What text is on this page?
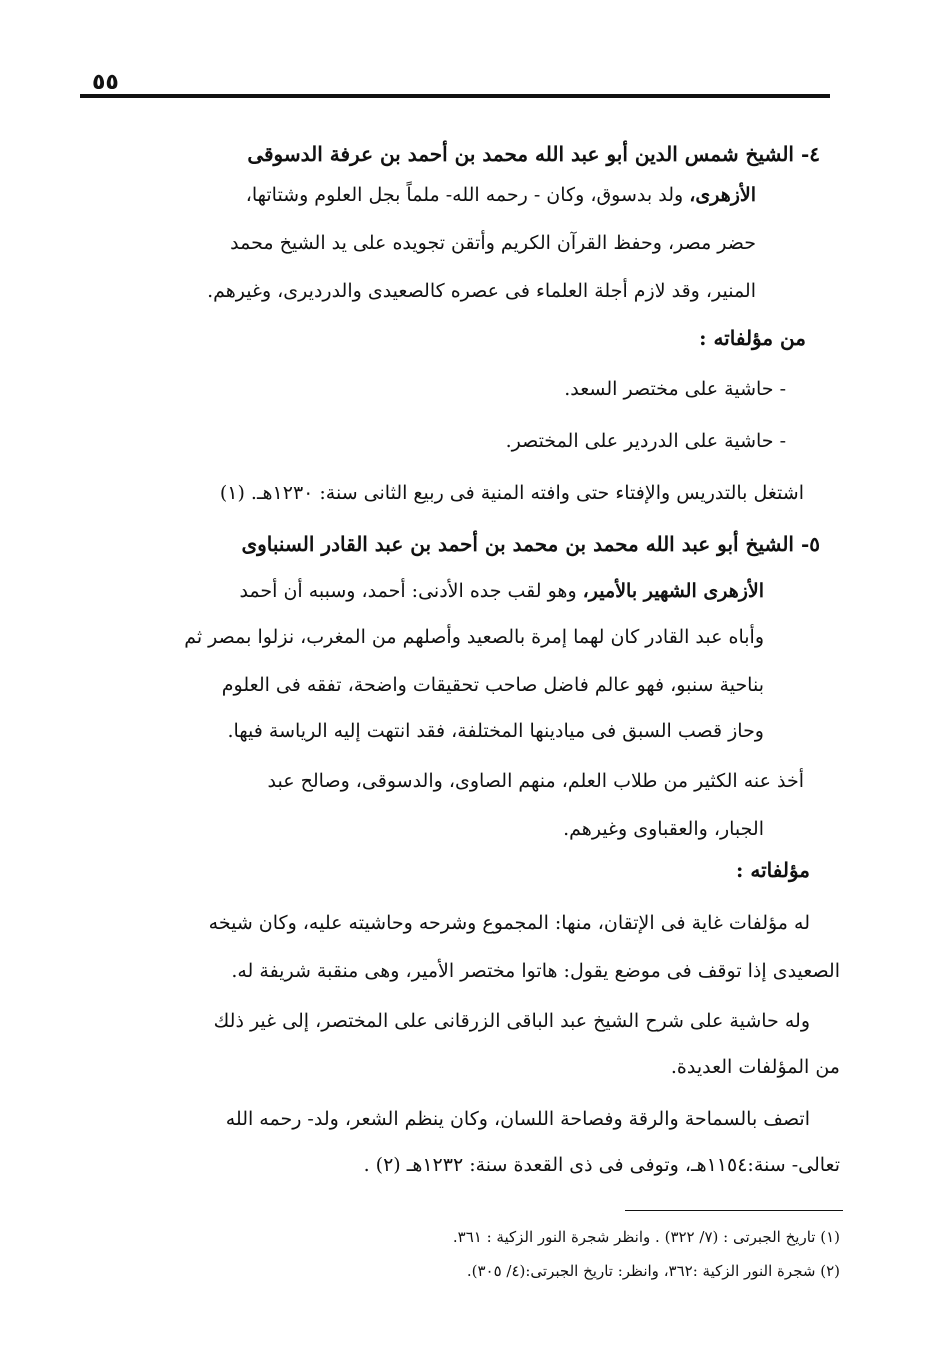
٥٥
٤- الشيخ شمس الدين أبو عبد الله محمد بن أحمد بن عرفة الدسوقى
الأزهرى، ولد بدسوق، وكان - رحمه الله- ملماً بجل العلوم وشتاتها،
حضر مصر، وحفظ القرآن الكريم وأتقن تجويده على يد الشيخ محمد
المنير، وقد لازم أجلة العلماء فى عصره كالصعيدى والدرديرى، وغيرهم.
من مؤلفاته :
- حاشية على مختصر السعد.
- حاشية على الدردير على المختصر.
اشتغل بالتدريس والإفتاء حتى وافته المنية فى ربيع الثانى سنة: ١٢٣٠هـ. (١)
٥- الشيخ أبو عبد الله محمد بن محمد بن أحمد بن عبد القادر السنباوى
الأزهرى الشهير بالأمير، وهو لقب جده الأدنى: أحمد، وسببه أن أحمد
وأباه عبد القادر كان لهما إمرة بالصعيد وأصلهم من المغرب، نزلوا بمصر ثم
بناحية سنبو، فهو عالم فاضل صاحب تحقيقات واضحة، تفقه فى العلوم
وحاز قصب السبق فى ميادينها المختلفة، فقد انتهت إليه الرياسة فيها.
أخذ عنه الكثير من طلاب العلم، منهم الصاوى، والدسوقى، وصالح عبد
الجبار، والعقباوى وغيرهم.
مؤلفاته :
له مؤلفات غاية فى الإتقان، منها: المجموع وشرحه وحاشيته عليه، وكان شيخه
الصعيدى إذا توقف فى موضع يقول: هاتوا مختصر الأمير، وهى منقبة شريفة له.
وله حاشية على شرح الشيخ عبد الباقى الزرقانى على المختصر، إلى غير ذلك
من المؤلفات العديدة.
اتصف بالسماحة والرقة وفصاحة اللسان، وكان ينظم الشعر، ولد- رحمه الله
تعالى- سنة:١١٥٤هـ، وتوفى فى ذى القعدة سنة: ١٢٣٢هـ (٢) .
(١) تاريخ الجبرتى : (٧/ ٣٢٢) . وانظر شجرة النور الزكية : ٣٦١.
(٢) شجرة النور الزكية :٣٦٢، وانظر: تاريخ الجبرتى:(٤/ ٣٠٥).
